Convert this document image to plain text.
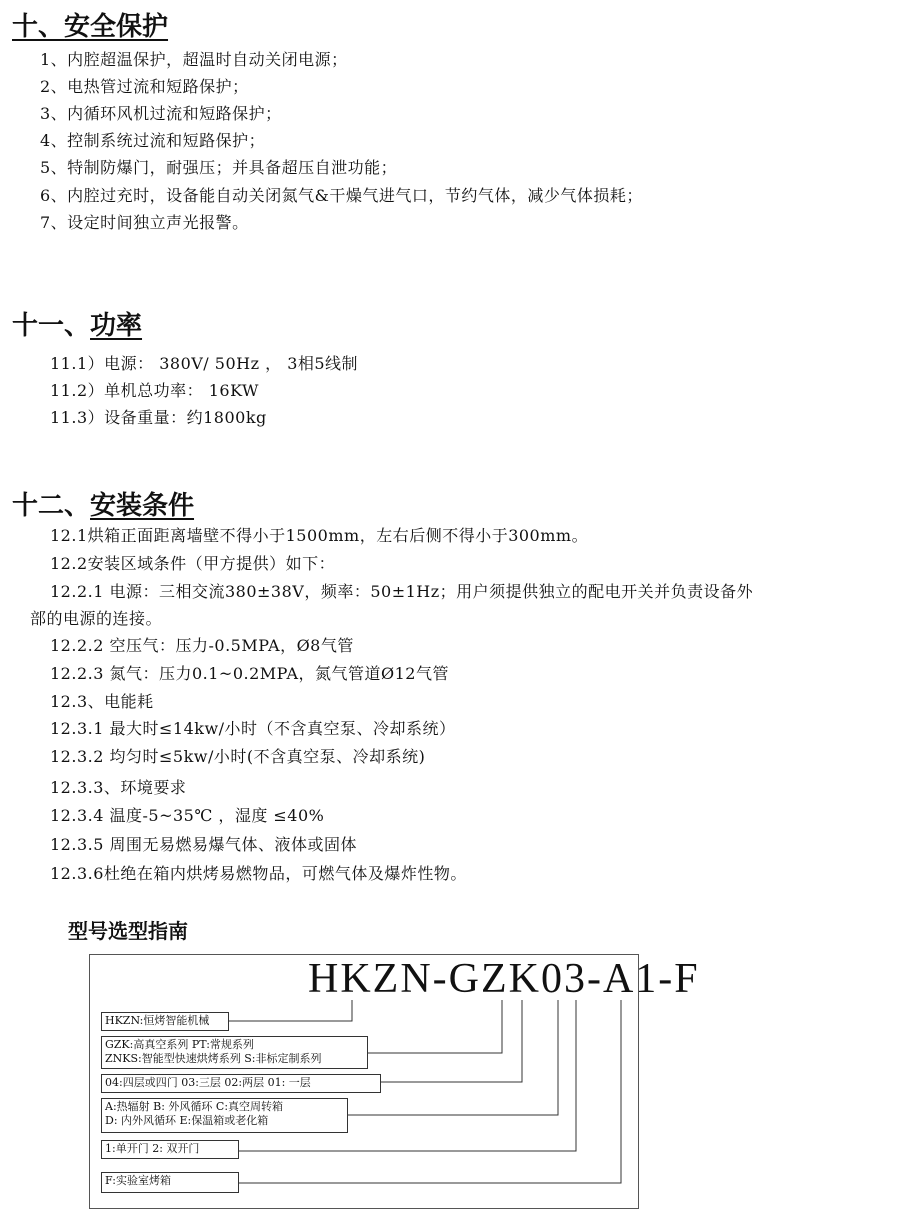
十、安全保护
1、内腔超温保护，超温时自动关闭电源；
2、电热管过流和短路保护；
3、内循环风机过流和短路保护；
4、控制系统过流和短路保护；
5、特制防爆门，耐强压；并具备超压自泄功能；
6、内腔过充时，设备能自动关闭氮气&干燥气进气口，节约气体，减少气体损耗；
7、设定时间独立声光报警。
十一、功率
11.1）电源： 380V/ 50Hz ， 3相5线制
11.2）单机总功率： 16KW
11.3）设备重量：约1800kg
十二、安装条件
12.1烘箱正面距离墙壁不得小于1500mm，左右后侧不得小于300mm。
12.2安装区域条件（甲方提供）如下：
12.2.1 电源：三相交流380±38V，频率：50±1Hz；用户须提供独立的配电开关并负责设备外
部的电源的连接。
12.2.2 空压气：压力-0.5MPA，Ø8气管
12.2.3 氮气：压力0.1~0.2MPA，氮气管道Ø12气管
12.3、电能耗
12.3.1 最大时≤14kw/小时（不含真空泵、冷却系统）
12.3.2 均匀时≤5kw/小时(不含真空泵、冷却系统)
12.3.3、环境要求
12.3.4 温度-5~35℃ ，湿度 ≤40%
12.3.5 周围无易燃易爆气体、液体或固体
12.3.6杜绝在箱内烘烤易燃物品，可燃气体及爆炸性物。
型号选型指南
HKZN-GZK03-A1-F
HKZN:恒烤智能机械
GZK:高真空系列 PT:常规系列
ZNKS:智能型快速烘烤系列 S:非标定制系列
04:四层或四门 03:三层 02:两层 01: 一层
A:热辐射 B: 外风循环 C:真空周转箱
D: 内外风循环 E:保温箱或老化箱
1:单开门 2: 双开门
F:实验室烤箱
